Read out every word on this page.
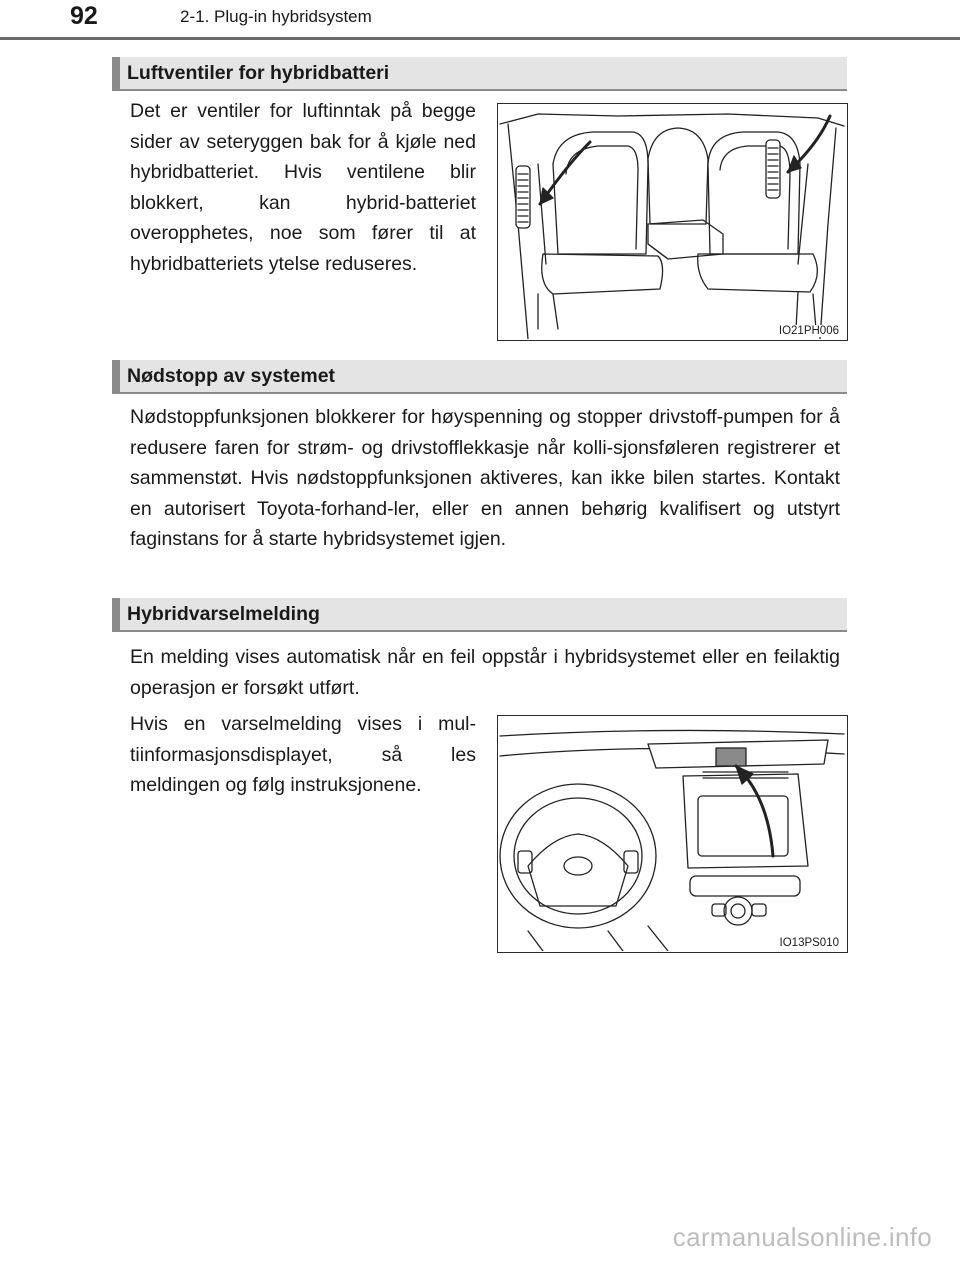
92	2-1. Plug-in hybridsystem
Luftventiler for hybridbatteri
Det er ventiler for luftinntak på begge sider av seteryggen bak for å kjøle ned hybridbatteriet. Hvis ventilene blir blokkert, kan hybrid-batteriet overopphetes, noe som fører til at hybridbatteriets ytelse reduseres.
IO21PH006
Nødstopp av systemet
Nødstoppfunksjonen blokkerer for høyspenning og stopper drivstoff-pumpen for å redusere faren for strøm- og drivstofflekkasje når kolli-sjonsføleren registrerer et sammenstøt. Hvis nødstoppfunksjonen aktiveres, kan ikke bilen startes. Kontakt en autorisert Toyota-forhand-ler, eller en annen behørig kvalifisert og utstyrt faginstans for å starte hybridsystemet igjen.
Hybridvarselmelding
En melding vises automatisk når en feil oppstår i hybridsystemet eller en feilaktig operasjon er forsøkt utført.
Hvis en varselmelding vises i mul-tiinformasjonsdisplayet, så les meldingen og følg instruksjonene.
IO13PS010
carmanualsonline.info
